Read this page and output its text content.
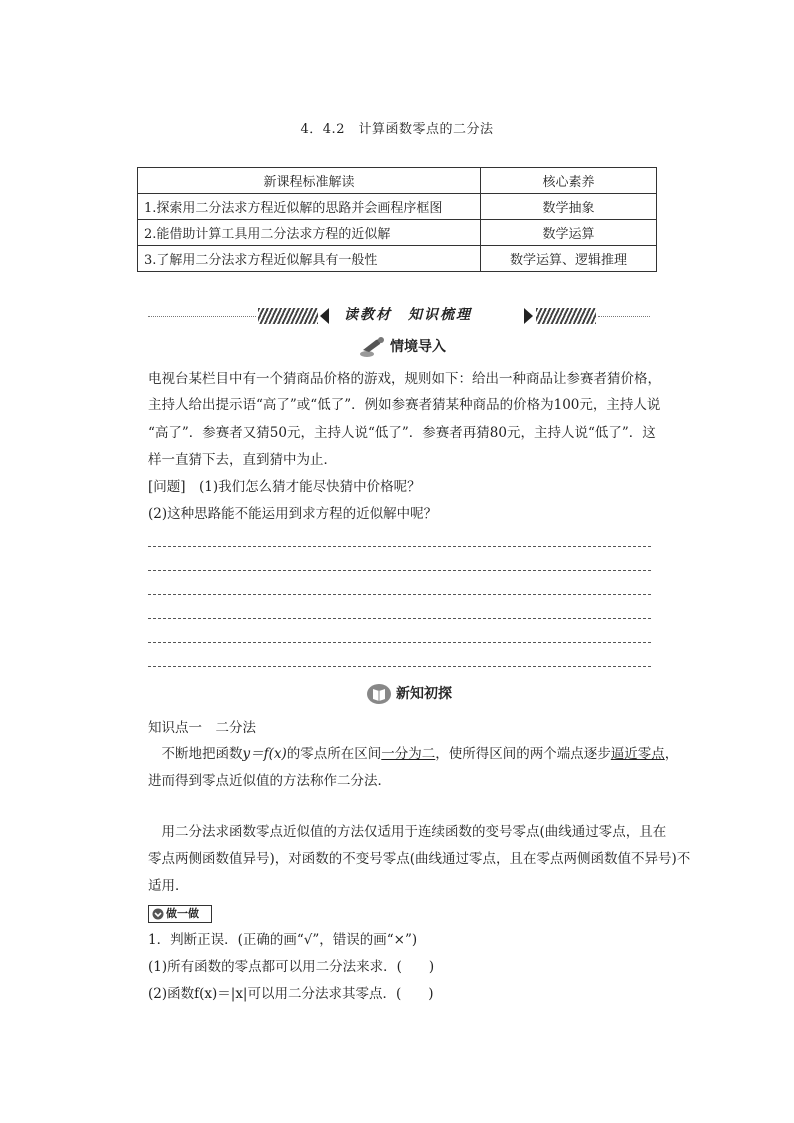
4．4.2　计算函数零点的二分法
新课程标准解读	核心素养
1.探索用二分法求方程近似解的思路并会画程序框图	数学抽象
2.能借助计算工具用二分法求方程的近似解	数学运算
3.了解用二分法求方程近似解具有一般性	数学运算、逻辑推理
读教材　知识梳理
情境导入

电视台某栏目中有一个猜商品价格的游戏，规则如下：给出一种商品让参赛者猜价格，

主持人给出提示语“高了”或“低了”．例如参赛者猜某种商品的价格为100元，主持人说

“高了”．参赛者又猜50元，主持人说“低了”．参赛者再猜80元，主持人说“低了”．这

样一直猜下去，直到猜中为止．

[问题]　(1)我们怎么猜才能尽快猜中价格呢？

(2)这种思路能不能运用到求方程的近似解中呢？

新知初探

知识点一　二分法

　不断地把函数y＝f(x)的零点所在区间一分为二，使所得区间的两个端点逐步逼近零点，

进而得到零点近似值的方法称作二分法．

　用二分法求函数零点近似值的方法仅适用于连续函数的变号零点(曲线通过零点，且在

零点两侧函数值异号)，对函数的不变号零点(曲线通过零点，且在零点两侧函数值不异号)不

适用．

做一做

1．判断正误．(正确的画“√”，错误的画“×”)

(1)所有函数的零点都可以用二分法来求．(　　)

(2)函数f(x)＝|x|可以用二分法求其零点．(　　)
